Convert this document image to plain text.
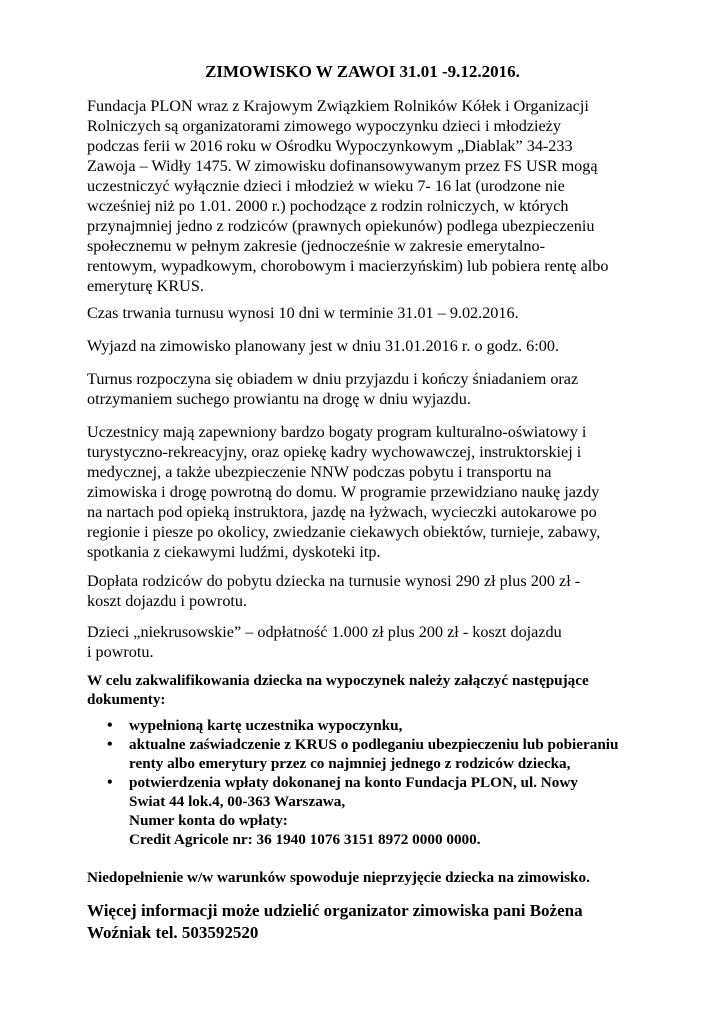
ZIMOWISKO W ZAWOI 31.01 -9.12.2016.

Fundacja PLON wraz z Krajowym Związkiem Rolników Kółek i Organizacji
Rolniczych są organizatorami zimowego wypoczynku dzieci i młodzieży
podczas ferii w 2016 roku w Ośrodku Wypoczynkowym „Diablak” 34-233
Zawoja – Widły 1475. W zimowisku dofinansowywanym przez FS USR mogą
uczestniczyć wyłącznie dzieci i młodzież w wieku 7- 16 lat (urodzone nie
wcześniej niż po 1.01. 2000 r.) pochodzące z rodzin rolniczych, w których
przynajmniej jedno z rodziców (prawnych opiekunów) podlega ubezpieczeniu
społecznemu w pełnym zakresie (jednocześnie w zakresie emerytalno-
rentowym, wypadkowym, chorobowym i macierzyńskim) lub pobiera rentę albo
emeryturę KRUS.

Czas trwania turnusu wynosi 10 dni w terminie 31.01 – 9.02.2016.

Wyjazd na zimowisko planowany jest w dniu 31.01.2016 r. o godz. 6:00.

Turnus rozpoczyna się obiadem w dniu przyjazdu i kończy śniadaniem oraz
otrzymaniem suchego prowiantu na drogę w dniu wyjazdu.

Uczestnicy mają zapewniony bardzo bogaty program kulturalno-oświatowy i
turystyczno-rekreacyjny, oraz opiekę kadry wychowawczej, instruktorskiej i
medycznej, a także ubezpieczenie NNW podczas pobytu i transportu na
zimowiska i drogę powrotną do domu. W programie przewidziano naukę jazdy
na nartach pod opieką instruktora, jazdę na łyżwach, wycieczki autokarowe po
regionie i piesze po okolicy, zwiedzanie ciekawych obiektów, turnieje, zabawy,
spotkania z ciekawymi ludźmi, dyskoteki itp.

Dopłata rodziców do pobytu dziecka na turnusie wynosi 290 zł plus 200 zł -
koszt dojazdu i powrotu.

Dzieci „niekrusowskie” – odpłatność 1.000 zł plus 200 zł - koszt dojazdu
i powrotu.

W celu zakwalifikowania dziecka na wypoczynek należy załączyć następujące
dokumenty:

• wypełnioną kartę uczestnika wypoczynku,
• aktualne zaświadczenie z KRUS o podleganiu ubezpieczeniu lub pobieraniu
renty albo emerytury przez co najmniej jednego z rodziców dziecka,
• potwierdzenia wpłaty dokonanej na konto Fundacja PLON, ul. Nowy
Swiat 44 lok.4, 00-363 Warszawa,
Numer konta do wpłaty:
Credit Agricole nr: 36 1940 1076 3151 8972 0000 0000.

Niedopełnienie w/w warunków spowoduje nieprzyjęcie dziecka na zimowisko.

Więcej informacji może udzielić organizator zimowiska pani Bożena
Woźniak tel. 503592520
